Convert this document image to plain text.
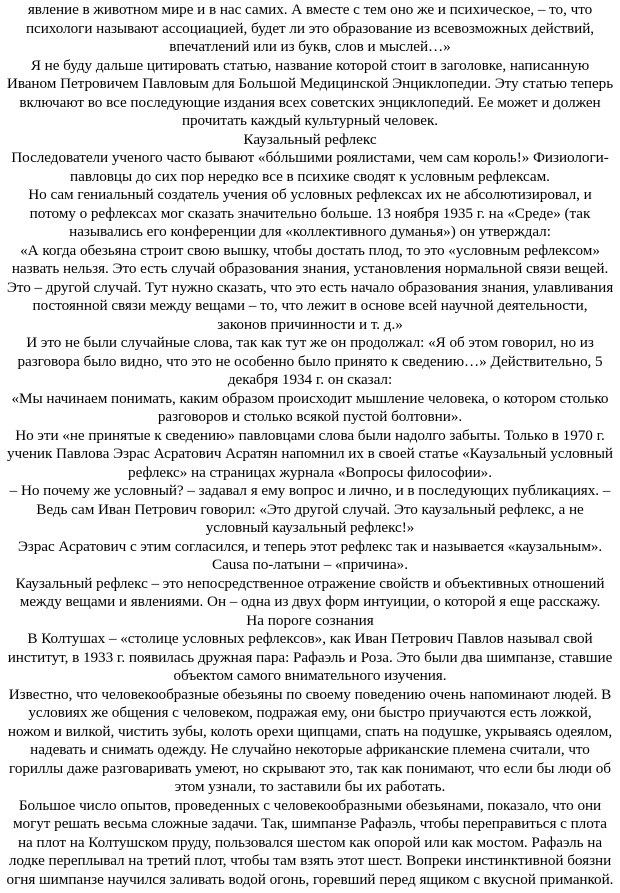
явление в животном мире и в нас самих. А вместе с тем оно же и психическое, – то, что психологи называют ассоциацией, будет ли это образование из всевозможных действий, впечатлений или из букв, слов и мыслей…»

Я не буду дальше цитировать статью, название которой стоит в заголовке, написанную Иваном Петровичем Павловым для Большой Медицинской Энциклопедии. Эту статью теперь включают во все последующие издания всех советских энциклопедий. Ее может и должен прочитать каждый культурный человек.

Каузальный рефлекс

Последователи ученого часто бывают «бóльшими роялистами, чем сам король!» Физиологи-павловцы до сих пор нередко все в психике сводят к условным рефлексам.

Но сам гениальный создатель учения об условных рефлексах их не абсолютизировал, и потому о рефлексах мог сказать значительно больше. 13 ноября 1935 г. на «Среде» (так назывались его конференции для «коллективного думанья») он утверждал:

«А когда обезьяна строит свою вышку, чтобы достать плод, то это «условным рефлексом» назвать нельзя. Это есть случай образования знания, установления нормальной связи вещей. Это – другой случай. Тут нужно сказать, что это есть начало образования знания, улавливания постоянной связи между вещами – то, что лежит в основе всей научной деятельности, законов причинности и т. д.»

И это не были случайные слова, так как тут же он продолжал: «Я об этом говорил, но из разговора было видно, что это не особенно было принято к сведению…» Действительно, 5 декабря 1934 г. он сказал:

«Мы начинаем понимать, каким образом происходит мышление человека, о котором столько разговоров и столько всякой пустой болтовни».

Но эти «не принятые к сведению» павловцами слова были надолго забыты. Только в 1970 г. ученик Павлова Эзрас Асратович Асратян напомнил их в своей статье «Каузальный условный рефлекс» на страницах журнала «Вопросы философии».

– Но почему же условный? – задавал я ему вопрос и лично, и в последующих публикациях. – Ведь сам Иван Петрович говорил: «Это другой случай. Это каузальный рефлекс, а не условный каузальный рефлекс!»

Эзрас Асратович с этим согласился, и теперь этот рефлекс так и называется «каузальным». Causa по-латыни – «причина».

Каузальный рефлекс – это непосредственное отражение свойств и объективных отношений между вещами и явлениями. Он – одна из двух форм интуиции, о которой я еще расскажу.

На пороге сознания

В Колтушах – «столице условных рефлексов», как Иван Петрович Павлов называл свой институт, в 1933 г. появилась дружная пара: Рафаэль и Роза. Это были два шимпанзе, ставшие объектом самого внимательного изучения.

Известно, что человекообразные обезьяны по своему поведению очень напоминают людей. В условиях же общения с человеком, подражая ему, они быстро приучаются есть ложкой, ножом и вилкой, чистить зубы, колоть орехи щипцами, спать на подушке, укрываясь одеялом, надевать и снимать одежду. Не случайно некоторые африканские племена считали, что гориллы даже разговаривать умеют, но скрывают это, так как понимают, что если бы люди об этом узнали, то заставили бы их работать.

Большое число опытов, проведенных с человекообразными обезьянами, показало, что они могут решать весьма сложные задачи. Так, шимпанзе Рафаэль, чтобы переправиться с плота на плот на Колтушском пруду, пользовался шестом как опорой или как мостом. Рафаэль на лодке переплывал на третий плот, чтобы там взять этот шест. Вопреки инстинктивной боязни огня шимпанзе научился заливать водой огонь, горевший перед ящиком с вкусной приманкой.
